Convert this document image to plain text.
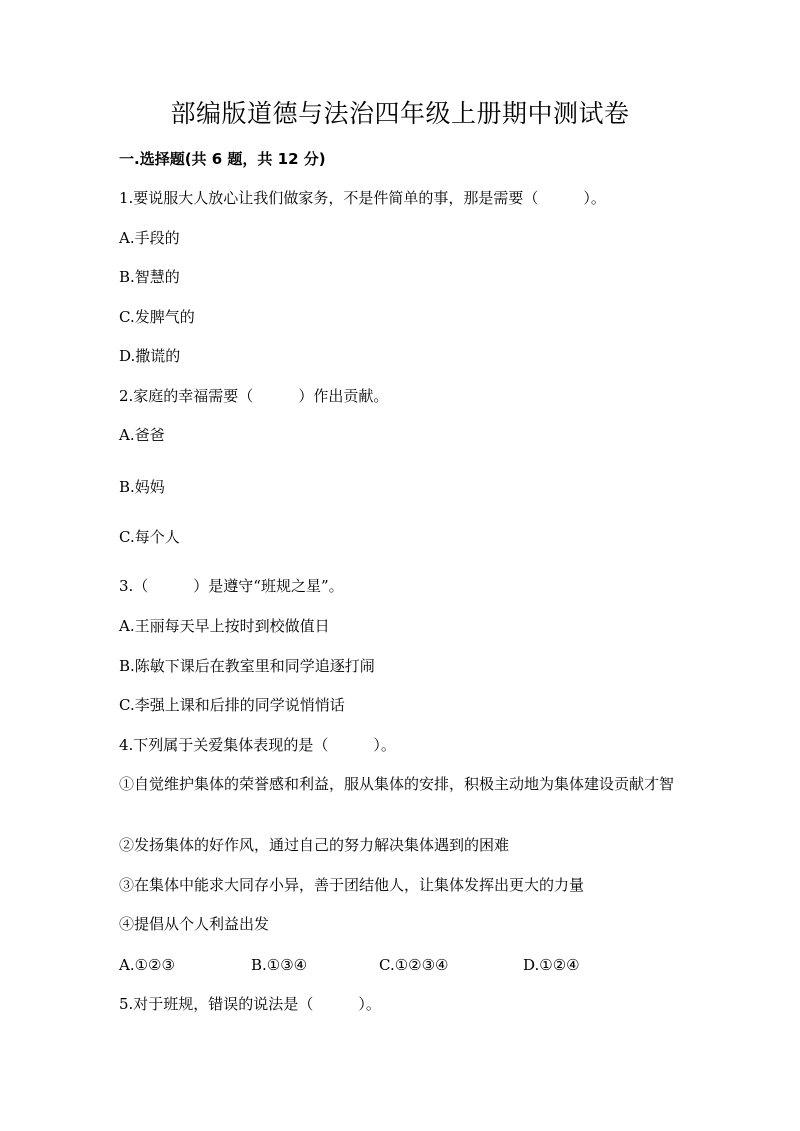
部编版道德与法治四年级上册期中测试卷
一.选择题(共 6 题，共 12 分)
1.要说服大人放心让我们做家务，不是件简单的事，那是需要（　　　）。
A.手段的
B.智慧的
C.发脾气的
D.撒谎的
2.家庭的幸福需要（　　　）作出贡献。
A.爸爸
B.妈妈
C.每个人
3.（　　　）是遵守“班规之星”。
A.王丽每天早上按时到校做值日
B.陈敏下课后在教室里和同学追逐打闹
C.李强上课和后排的同学说悄悄话
4.下列属于关爱集体表现的是（　　　）。
①自觉维护集体的荣誉感和利益，服从集体的安排，积极主动地为集体建设贡献才智
②发扬集体的好作风，通过自己的努力解决集体遇到的困难
③在集体中能求大同存小异，善于团结他人，让集体发挥出更大的力量
④提倡从个人利益出发
A.①②③	B.①③④	C.①②③④	D.①②④
5.对于班规，错误的说法是（　　　）。
